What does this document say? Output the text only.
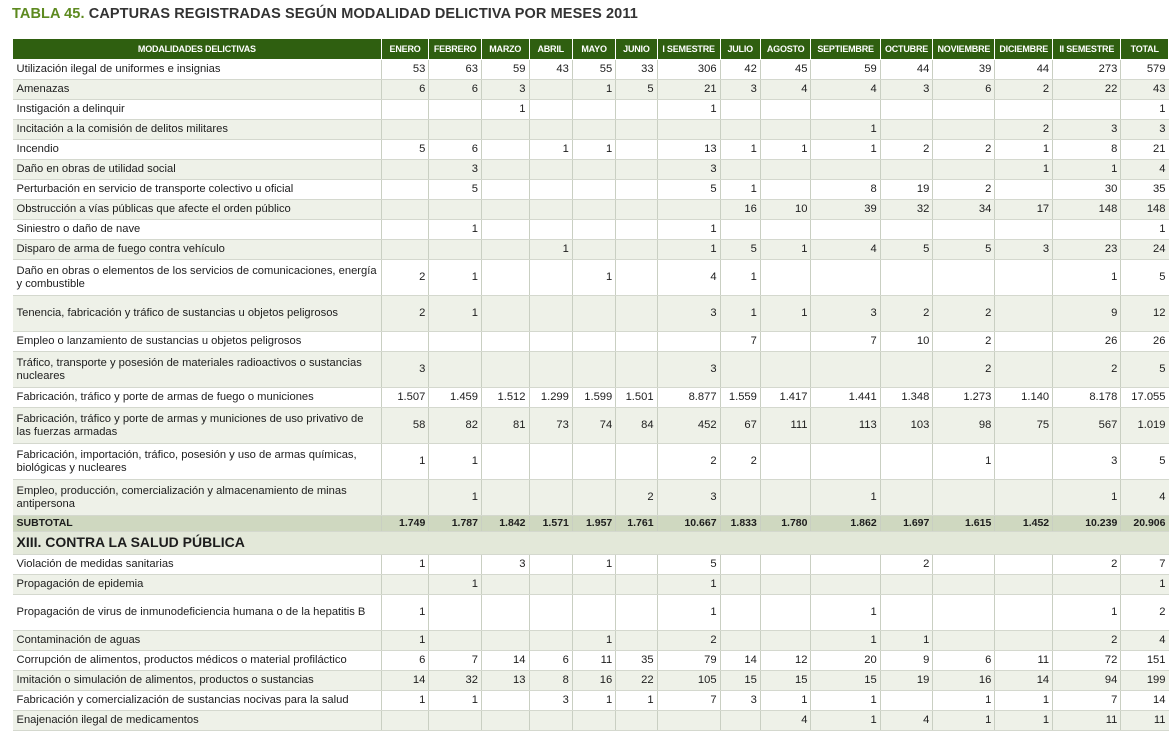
TABLA 45. CAPTURAS REGISTRADAS SEGÚN MODALIDAD DELICTIVA POR MESES 2011
MODALIDADES DELICTIVAS	ENERO	FEBRERO	MARZO	ABRIL	MAYO	JUNIO	I SEMESTRE	JULIO	AGOSTO	SEPTIEMBRE	OCTUBRE	NOVIEMBRE	DICIEMBRE	II SEMESTRE	TOTAL
Utilización ilegal de uniformes e insignias	53	63	59	43	55	33	306	42	45	59	44	39	44	273	579
Amenazas	6	6	3		1	5	21	3	4	4	3	6	2	22	43
Instigación a delinquir			1				1								1
Incitación a la comisión de delitos militares										1			2	3	3
Incendio	5	6		1	1		13	1	1	1	2	2	1	8	21
Daño en obras de utilidad social		3					3						1	1	4
Perturbación en servicio de transporte colectivo u oficial		5					5	1		8	19	2		30	35
Obstrucción a vías públicas que afecte el orden público								16	10	39	32	34	17	148	148
Siniestro o daño de nave		1					1								1
Disparo de arma de fuego contra vehículo				1			1	5	1	4	5	5	3	23	24
Daño en obras o elementos de los servicios de comunicaciones, energía y combustible	2	1			1		4	1						1	5
Tenencia, fabricación y tráfico de sustancias u objetos peligrosos	2	1					3	1	1	3	2	2		9	12
Empleo o lanzamiento de sustancias u objetos peligrosos								7		7	10	2		26	26
Tráfico, transporte y posesión de materiales radioactivos o sustancias nucleares	3						3					2		2	5
Fabricación, tráfico y porte de armas de fuego o municiones	1.507	1.459	1.512	1.299	1.599	1.501	8.877	1.559	1.417	1.441	1.348	1.273	1.140	8.178	17.055
Fabricación, tráfico y porte de armas y municiones de uso privativo de las fuerzas armadas	58	82	81	73	74	84	452	67	111	113	103	98	75	567	1.019
Fabricación, importación, tráfico, posesión y uso de armas químicas, biológicas y nucleares	1	1					2	2				1		3	5
Empleo, producción, comercialización y almacenamiento de minas antipersona		1				2	3			1				1	4
SUBTOTAL	1.749	1.787	1.842	1.571	1.957	1.761	10.667	1.833	1.780	1.862	1.697	1.615	1.452	10.239	20.906
XIII. CONTRA LA SALUD PÚBLICA															
Violación de medidas sanitarias	1		3		1		5				2			2	7
Propagación de epidemia		1					1								1
Propagación de virus de inmunodeficiencia humana o de la hepatitis B	1						1			1				1	2
Contaminación de aguas	1				1		2			1	1			2	4
Corrupción de alimentos, productos médicos o material profiláctico	6	7	14	6	11	35	79	14	12	20	9	6	11	72	151
Imitación o simulación de alimentos, productos o sustancias	14	32	13	8	16	22	105	15	15	15	19	16	14	94	199
Fabricación y comercialización de sustancias nocivas para la salud	1	1		3	1	1	7	3	1	1		1	1	7	14
Enajenación ilegal de medicamentos									4	1	4	1	1	11	11
